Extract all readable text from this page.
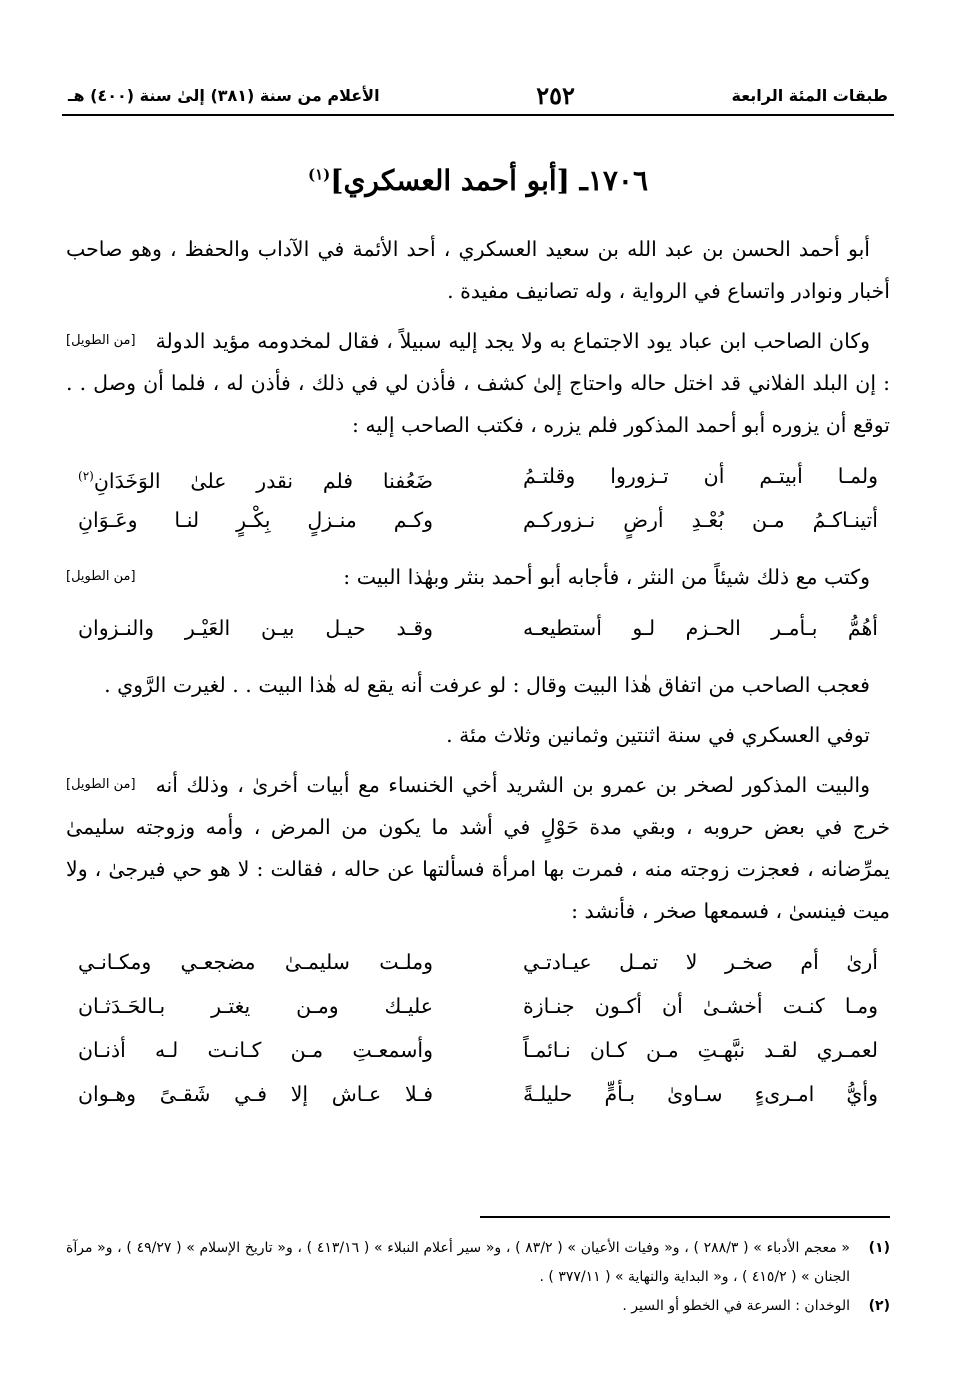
طبقات المئة الرابعة
٢٥٢
الأعلام من سنة (٣٨١) إلىٰ سنة (٤٠٠) هـ
١٧٠٦ـ [أبو أحمد العسكري]$^{(١)}$

أبو أحمد الحسن بن عبد الله بن سعيد العسكري ، أحد الأئمة في الآداب والحفظ ، وهو صاحب أخبار ونوادر واتساع في الرواية ، وله تصانيف مفيدة .

[من الطويل] وكان الصاحب ابن عباد يود الاجتماع به ولا يجد إليه سبيلاً ، فقال لمخدومه مؤيد الدولة : إن البلد الفلاني قد اختل حاله واحتاج إلىٰ كشف ، فأذن لي في ذلك ، فأذن له ، فلما أن وصل . . توقع أن يزوره أبو أحمد المذكور فلم يزره ، فكتب الصاحب إليه :

ولمـا أبيتـم أن تـزوروا وقلتـمُ
ضَعُفنا فلم نقدر علىٰ الوَخَدَانِ$^{(٢)}$
أتينـاكـمُ مـن بُعْـدِ أرضٍ نـزوركـم
وكـم منـزلٍ بِكْـرٍ لنـا وعَـوَانِ

[من الطويل]	وكتب مع ذلك شيئاً من النثر ، فأجابه أبو أحمد بنثر وبهٰذا البيت :

أهُمُّ بـأمـر الحـزم لـو أستطيعـه
وقـد حيـل بيـن العَيْـر والنـزوان

فعجب الصاحب من اتفاق هٰذا البيت وقال : لو عرفت أنه يقع له هٰذا البيت . . لغيرت الرَّوي .

توفي العسكري في سنة اثنتين وثمانين وثلاث مئة .

[من الطويل] والبيت المذكور لصخر بن عمرو بن الشريد أخي الخنساء مع أبيات أخرىٰ ، وذلك أنه خرج في بعض حروبه ، وبقي مدة حَوْلٍ في أشد ما يكون من المرض ، وأمه وزوجته سليمىٰ يمرِّضانه ، فعجزت زوجته منه ، فمرت بها امرأة فسألتها عن حاله ، فقالت : لا هو حي فيرجىٰ ، ولا ميت فينسىٰ ، فسمعها صخر ، فأنشد :

أرىٰ أم صخـر لا تمـل عيـادتـي
وملـت سليمـىٰ مضجعـي ومكـانـي
ومـا كنـت أخشـىٰ أن أكـون جنـازة
عليـك ومـن يغتـر بـالحَـدَثـان
لعمـري لقـد نبَّهـتِ مـن كـان نـائمـاً
وأسمعـتِ مـن كـانـت لـه أذنـان
وأيُّ امـرىءٍ سـاوىٰ بـأمٍّ حليلـةً
فـلا عـاش إلا فـي شَقـىً وهـوان
(١)
« معجم الأدباء » ( ٢٨٨/٣ ) ، و« وفيات الأعيان » ( ٨٣/٢ ) ، و« سير أعلام النبلاء » ( ٤١٣/١٦ ) ، و« تاريخ الإسلام » ( ٤٩/٢٧ ) ، و« مرآة الجنان » ( ٤١٥/٢ ) ، و« البداية والنهاية » ( ٣٧٧/١١ ) .
(٢)
الوخدان : السرعة في الخطو أو السير .
